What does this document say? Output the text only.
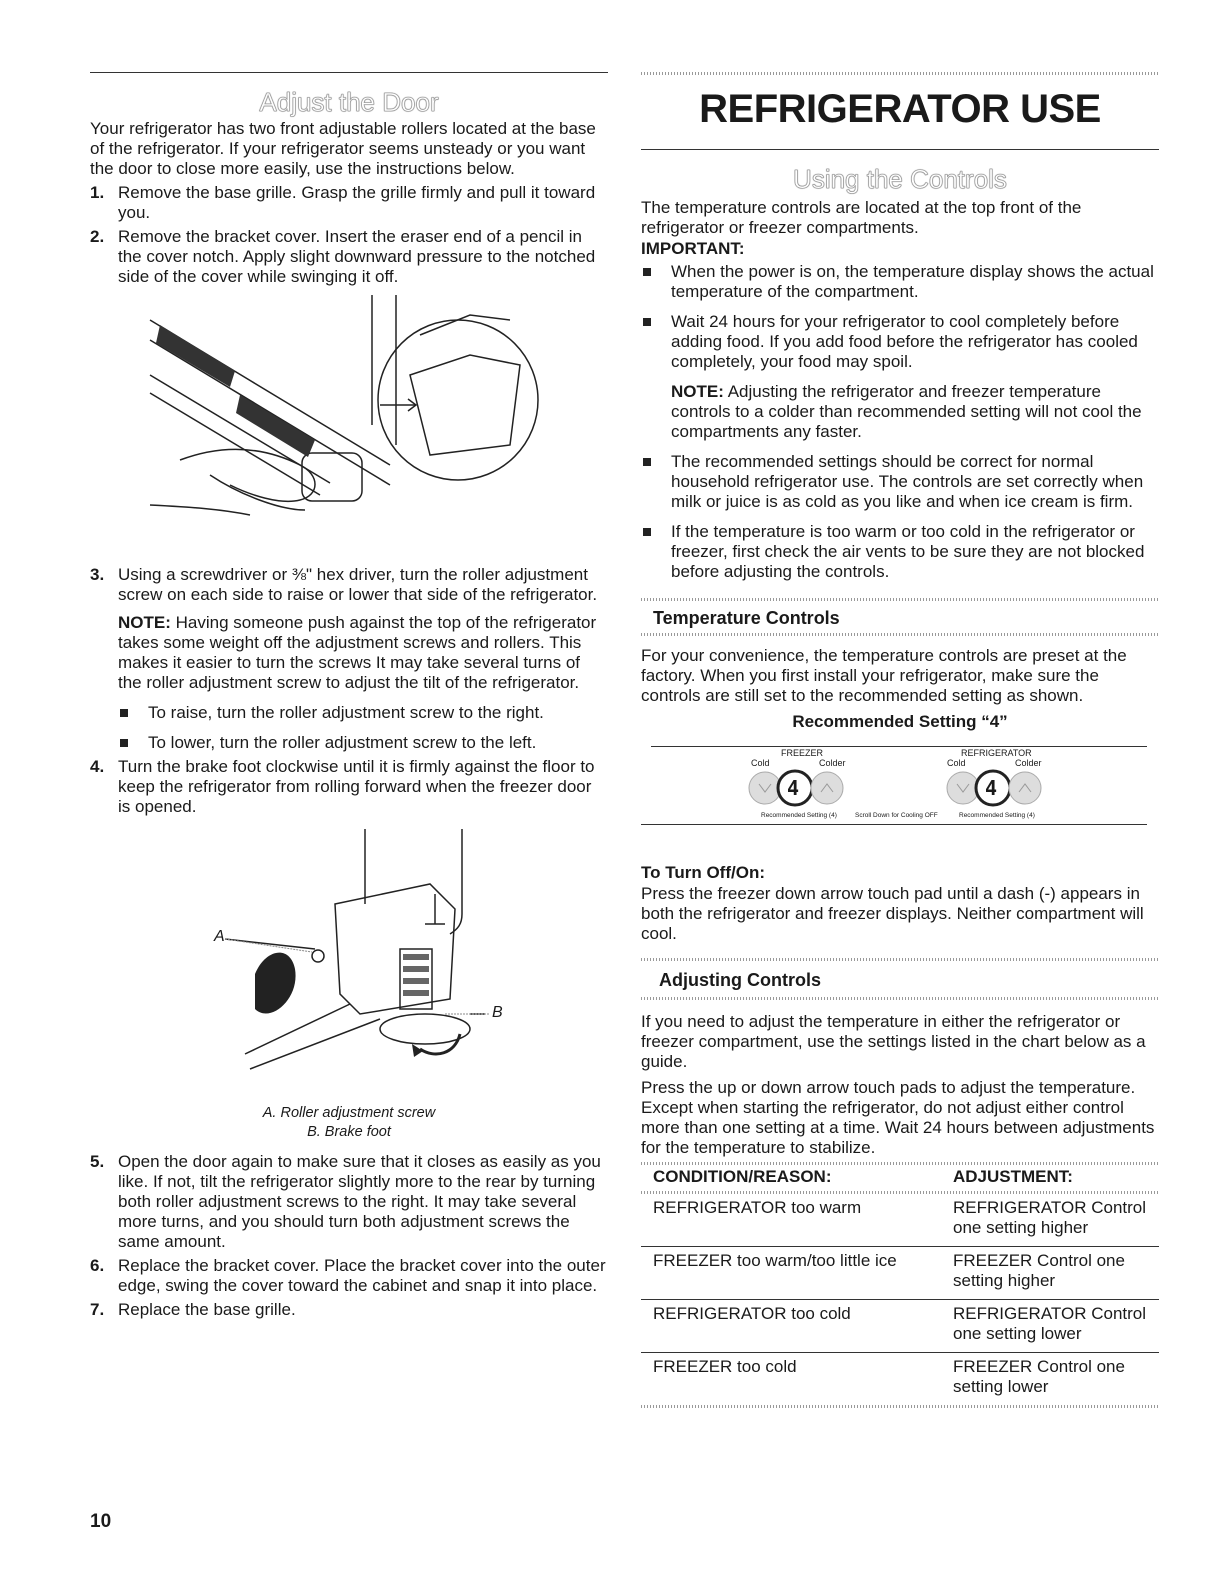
Adjust the Door

Your refrigerator has two front adjustable rollers located at the base of the refrigerator. If your refrigerator seems unsteady or you want the door to close more easily, use the instructions below.

1. Remove the base grille. Grasp the grille firmly and pull it toward you.
2. Remove the bracket cover. Insert the eraser end of a pencil in the cover notch. Apply slight downward pressure to the notched side of the cover while swinging it off.
3. Using a screwdriver or ⅜" hex driver, turn the roller adjustment screw on each side to raise or lower that side of the refrigerator.

NOTE: Having someone push against the top of the refrigerator takes some weight off the adjustment screws and rollers. This makes it easier to turn the screws It may take several turns of the roller adjustment screw to adjust the tilt of the refrigerator.

To raise, turn the roller adjustment screw to the right.
To lower, turn the roller adjustment screw to the left.
4. Turn the brake foot clockwise until it is firmly against the floor to keep the refrigerator from rolling forward when the freezer door is opened.
A
B
A. Roller adjustment screw
B. Brake foot
5. Open the door again to make sure that it closes as easily as you like. If not, tilt the refrigerator slightly more to the rear by turning both roller adjustment screws to the right. It may take several more turns, and you should turn both adjustment screws the same amount.
6. Replace the bracket cover. Place the bracket cover into the outer edge, swing the cover toward the cabinet and snap it into place.
7. Replace the base grille.
REFRIGERATOR USE
Using the Controls

The temperature controls are located at the top front of the refrigerator or freezer compartments.

IMPORTANT:

When the power is on, the temperature display shows the actual temperature of the compartment.
Wait 24 hours for your refrigerator to cool completely before adding food. If you add food before the refrigerator has cooled completely, your food may spoil.

NOTE: Adjusting the refrigerator and freezer temperature controls to a colder than recommended setting will not cool the compartments any faster.

The recommended settings should be correct for normal household refrigerator use. The controls are set correctly when milk or juice is as cold as you like and when ice cream is firm.
If the temperature is too warm or too cold in the refrigerator or freezer, first check the air vents to be sure they are not blocked before adjusting the controls.
Temperature Controls

For your convenience, the temperature controls are preset at the factory. When you first install your refrigerator, make sure the controls are still set to the recommended setting as shown.

Recommended Setting “4”

FREEZER	REFRIGERATOR
Cold	Colder	Cold	Colder
4	4
Recommended Setting (4)	Scroll Down for Cooling OFF	Recommended Setting (4)
To Turn Off/On:

Press the freezer down arrow touch pad until a dash (-) appears in both the refrigerator and freezer displays. Neither compartment will cool.

Adjusting Controls

If you need to adjust the temperature in either the refrigerator or freezer compartment, use the settings listed in the chart below as a guide.

Press the up or down arrow touch pads to adjust the temperature. Except when starting the refrigerator, do not adjust either control more than one setting at a time. Wait 24 hours between adjustments for the temperature to stabilize.

CONDITION/REASON:	ADJUSTMENT:

REFRIGERATOR too warm	REFRIGERATOR Control one setting higher
FREEZER too warm/too little ice	FREEZER Control one setting higher
REFRIGERATOR too cold	REFRIGERATOR Control one setting lower
FREEZER too cold	FREEZER Control one setting lower
10
